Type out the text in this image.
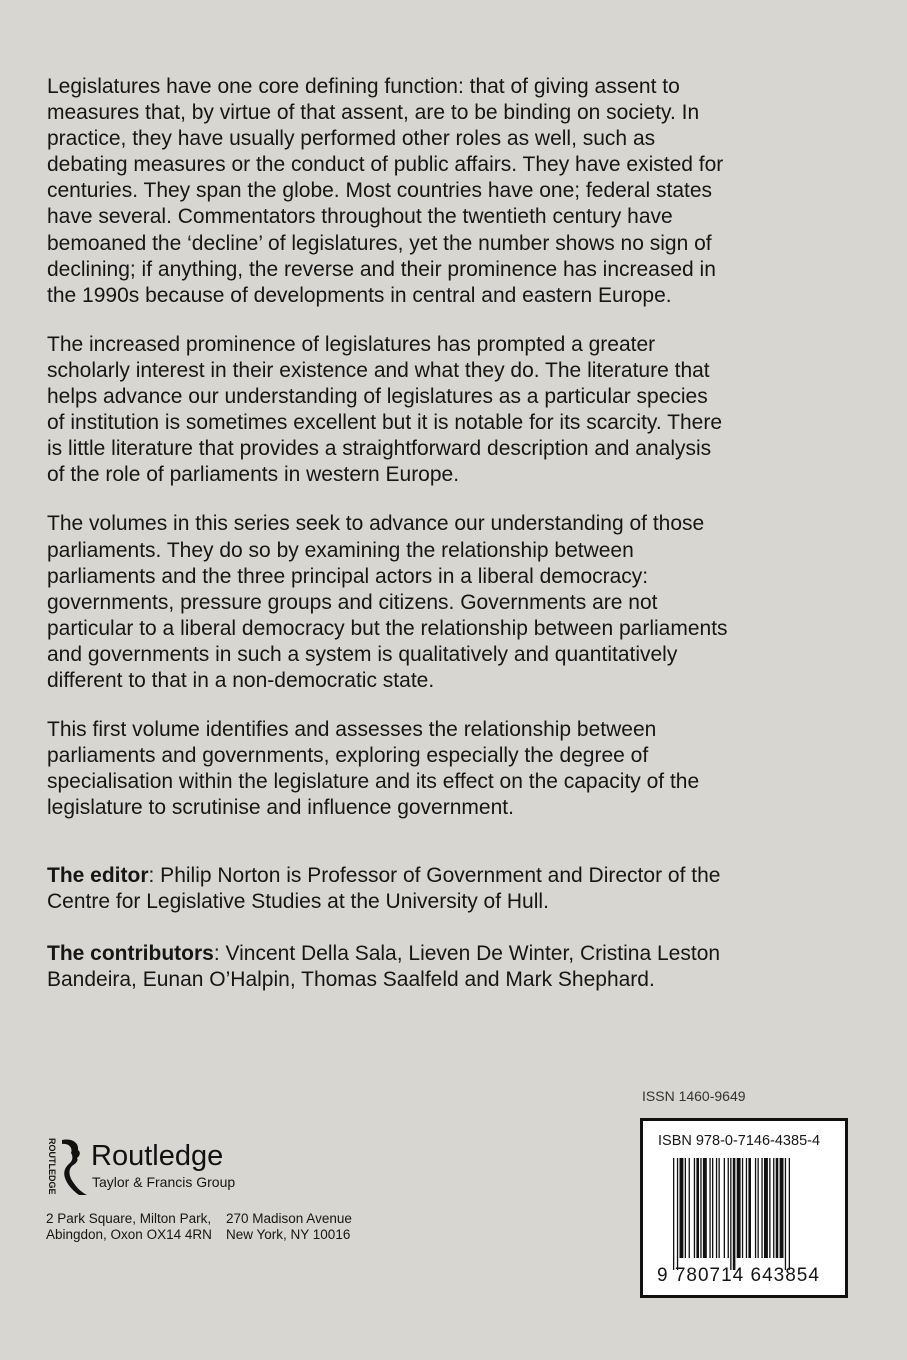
Legislatures have one core defining function: that of giving assent to
measures that, by virtue of that assent, are to be binding on society. In
practice, they have usually performed other roles as well, such as
debating measures or the conduct of public affairs. They have existed for
centuries. They span the globe. Most countries have one; federal states
have several. Commentators throughout the twentieth century have
bemoaned the ‘decline’ of legislatures, yet the number shows no sign of
declining; if anything, the reverse and their prominence has increased in
the 1990s because of developments in central and eastern Europe.

The increased prominence of legislatures has prompted a greater
scholarly interest in their existence and what they do. The literature that
helps advance our understanding of legislatures as a particular species
of institution is sometimes excellent but it is notable for its scarcity. There
is little literature that provides a straightforward description and analysis
of the role of parliaments in western Europe.

The volumes in this series seek to advance our understanding of those
parliaments. They do so by examining the relationship between
parliaments and the three principal actors in a liberal democracy:
governments, pressure groups and citizens. Governments are not
particular to a liberal democracy but the relationship between parliaments
and governments in such a system is qualitatively and quantitatively
different to that in a non-democratic state.

This first volume identifies and assesses the relationship between
parliaments and governments, exploring especially the degree of
specialisation within the legislature and its effect on the capacity of the
legislature to scrutinise and influence government.

The editor: Philip Norton is Professor of Government and Director of the
Centre for Legislative Studies at the University of Hull.

The contributors: Vincent Della Sala, Lieven De Winter, Cristina Leston
Bandeira, Eunan O’Halpin, Thomas Saalfeld and Mark Shephard.

ROUTLEDGE Routledge
Taylor & Francis Group
2 Park Square, Milton Park,
Abingdon, Oxon OX14 4RN
270 Madison Avenue
New York, NY 10016
ISSN 1460-9649
ISBN 978-0-7146-4385-4
9 780714 643854
